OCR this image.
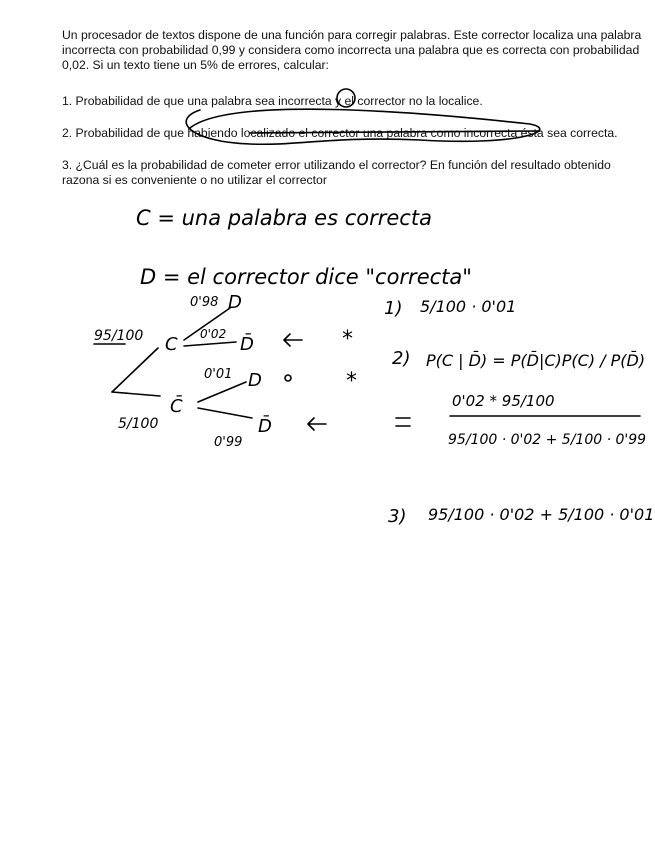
Un procesador de textos dispone de una función para corregir palabras. Este corrector localiza una palabra incorrecta con probabilidad 0,99 y considera como incorrecta una palabra que es correcta con probabilidad 0,02. Si un texto tiene un 5% de errores, calcular:

1. Probabilidad de que una palabra sea incorrecta y el corrector no la localice.

2. Probabilidad de que habiendo localizado el corrector una palabra como incorrecta ésta sea correcta.

3. ¿Cuál es la probabilidad de cometer error utilizando el corrector? En función del resultado obtenido razona si es conveniente o no utilizar el corrector

C = una palabra es correcta
D = el corrector dice "correcta"
95/100
5/100
C
C̄
0'98
0'02
D
D̄
0'01
0'99
D
D̄
*
*
1) 5/100 · 0'01
2) P(C | D̄) = P(D̄|C)P(C) / P(D̄)
0'02 * 95/100
95/100 · 0'02 + 5/100 · 0'99
3) 95/100 · 0'02 + 5/100 · 0'01
